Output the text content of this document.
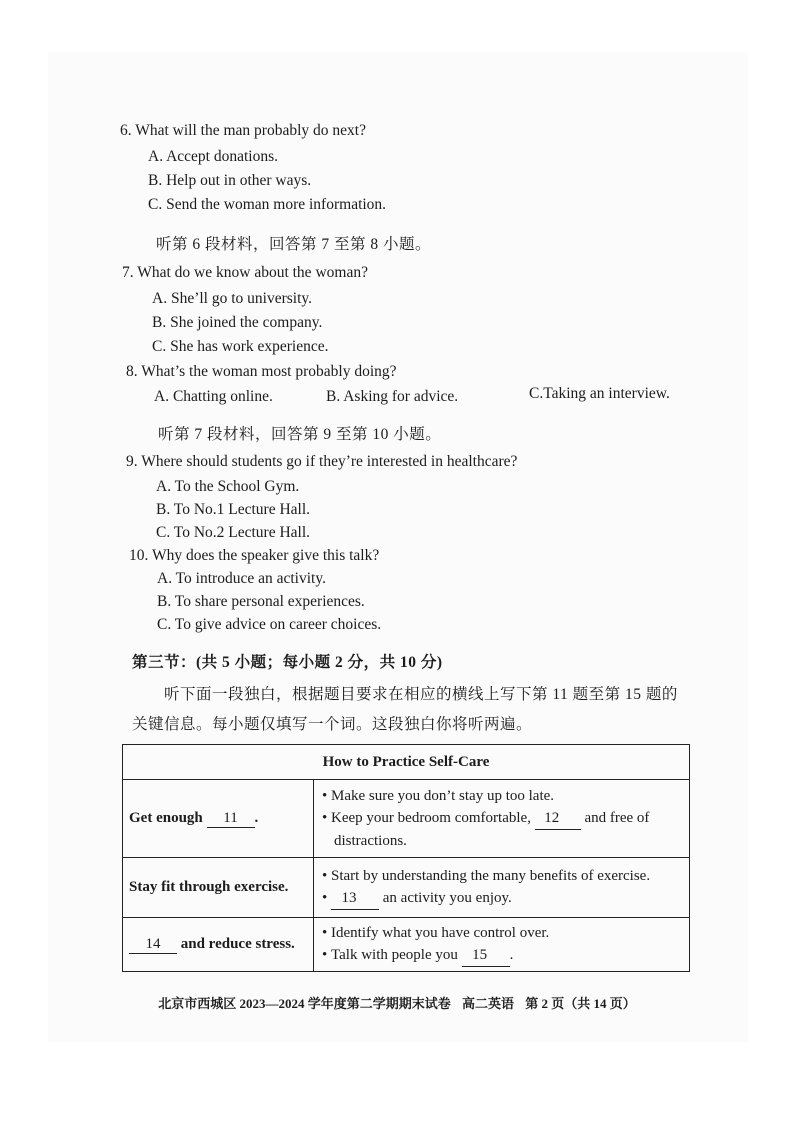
6. What will the man probably do next?
A. Accept donations.
B. Help out in other ways.
C. Send the woman more information.
听第 6 段材料，回答第 7 至第 8 小题。
7. What do we know about the woman?
A. She’ll go to university.
B. She joined the company.
C. She has work experience.
8. What’s the woman most probably doing?
A. Chatting online.	B. Asking for advice.	C.Taking an interview.
听第 7 段材料，回答第 9 至第 10 小题。
9. Where should students go if they’re interested in healthcare?
A. To the School Gym.
B. To No.1 Lecture Hall.
C. To No.2 Lecture Hall.
10. Why does the speaker give this talk?
A. To introduce an activity.
B. To share personal experiences.
C. To give advice on career choices.
第三节：(共 5 小题；每小题 2 分，共 10 分)
听下面一段独白，根据题目要求在相应的横线上写下第 11 题至第 15 题的
关键信息。每小题仅填写一个词。这段独白你将听两遍。
How to Practice Self-Care	
Get enough 11 .	• Make sure you don’t stay up too late.
• Keep your bedroom comfortable, 12 and free of distractions.

Stay fit through exercise.	• Start by understanding the many benefits of exercise.
• 13 an activity you enjoy.

14 and reduce stress.	• Identify what you have control over.
• Talk with people you 15 .
北京市西城区 2023—2024 学年度第二学期期末试卷 高二英语 第 2 页（共 14 页）
